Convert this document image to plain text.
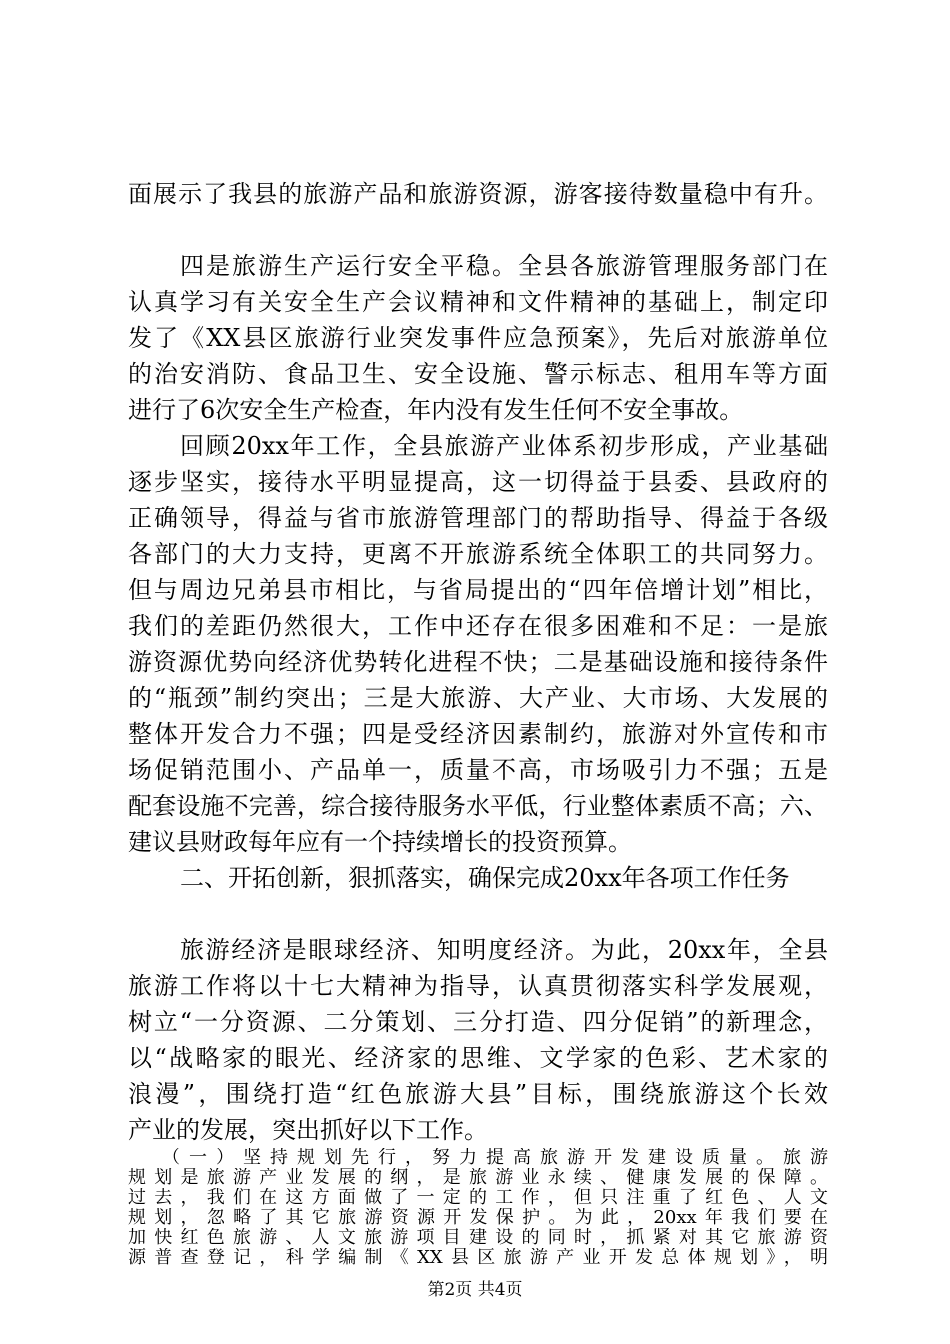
面展示了我县的旅游产品和旅游资源，游客接待数量稳中有升。
四是旅游生产运行安全平稳。全县各旅游管理服务部门在
认真学习有关安全生产会议精神和文件精神的基础上，制定印
发了《XX县区旅游行业突发事件应急预案》，先后对旅游单位
的治安消防、食品卫生、安全设施、警示标志、租用车等方面
进行了6次安全生产检查，年内没有发生任何不安全事故。
回顾20xx年工作，全县旅游产业体系初步形成，产业基础
逐步坚实，接待水平明显提高，这一切得益于县委、县政府的
正确领导，得益与省市旅游管理部门的帮助指导、得益于各级
各部门的大力支持，更离不开旅游系统全体职工的共同努力。
但与周边兄弟县市相比，与省局提出的“四年倍增计划”相比，
我们的差距仍然很大，工作中还存在很多困难和不足：一是旅
游资源优势向经济优势转化进程不快；二是基础设施和接待条件
的“瓶颈”制约突出；三是大旅游、大产业、大市场、大发展的
整体开发合力不强；四是受经济因素制约，旅游对外宣传和市
场促销范围小、产品单一，质量不高，市场吸引力不强；五是
配套设施不完善，综合接待服务水平低，行业整体素质不高；六、
建议县财政每年应有一个持续增长的投资预算。
二、开拓创新，狠抓落实，确保完成20xx年各项工作任务
旅游经济是眼球经济、知明度经济。为此，20xx年，全县
旅游工作将以十七大精神为指导，认真贯彻落实科学发展观，
树立“一分资源、二分策划、三分打造、四分促销”的新理念，
以“战略家的眼光、经济家的思维、文学家的色彩、艺术家的
浪漫”，围绕打造“红色旅游大县”目标，围绕旅游这个长效
产业的发展，突出抓好以下工作。
（一）坚持规划先行，努力提高旅游开发建设质量。旅游
规划是旅游产业发展的纲，是旅游业永续、健康发展的保障。
过去，我们在这方面做了一定的工作，但只注重了红色、人文
规划，忽略了其它旅游资源开发保护。为此，20xx年我们要在
加快红色旅游、人文旅游项目建设的同时，抓紧对其它旅游资
源普查登记，科学编制《XX县区旅游产业开发总体规划》，明
第2页 共4页
